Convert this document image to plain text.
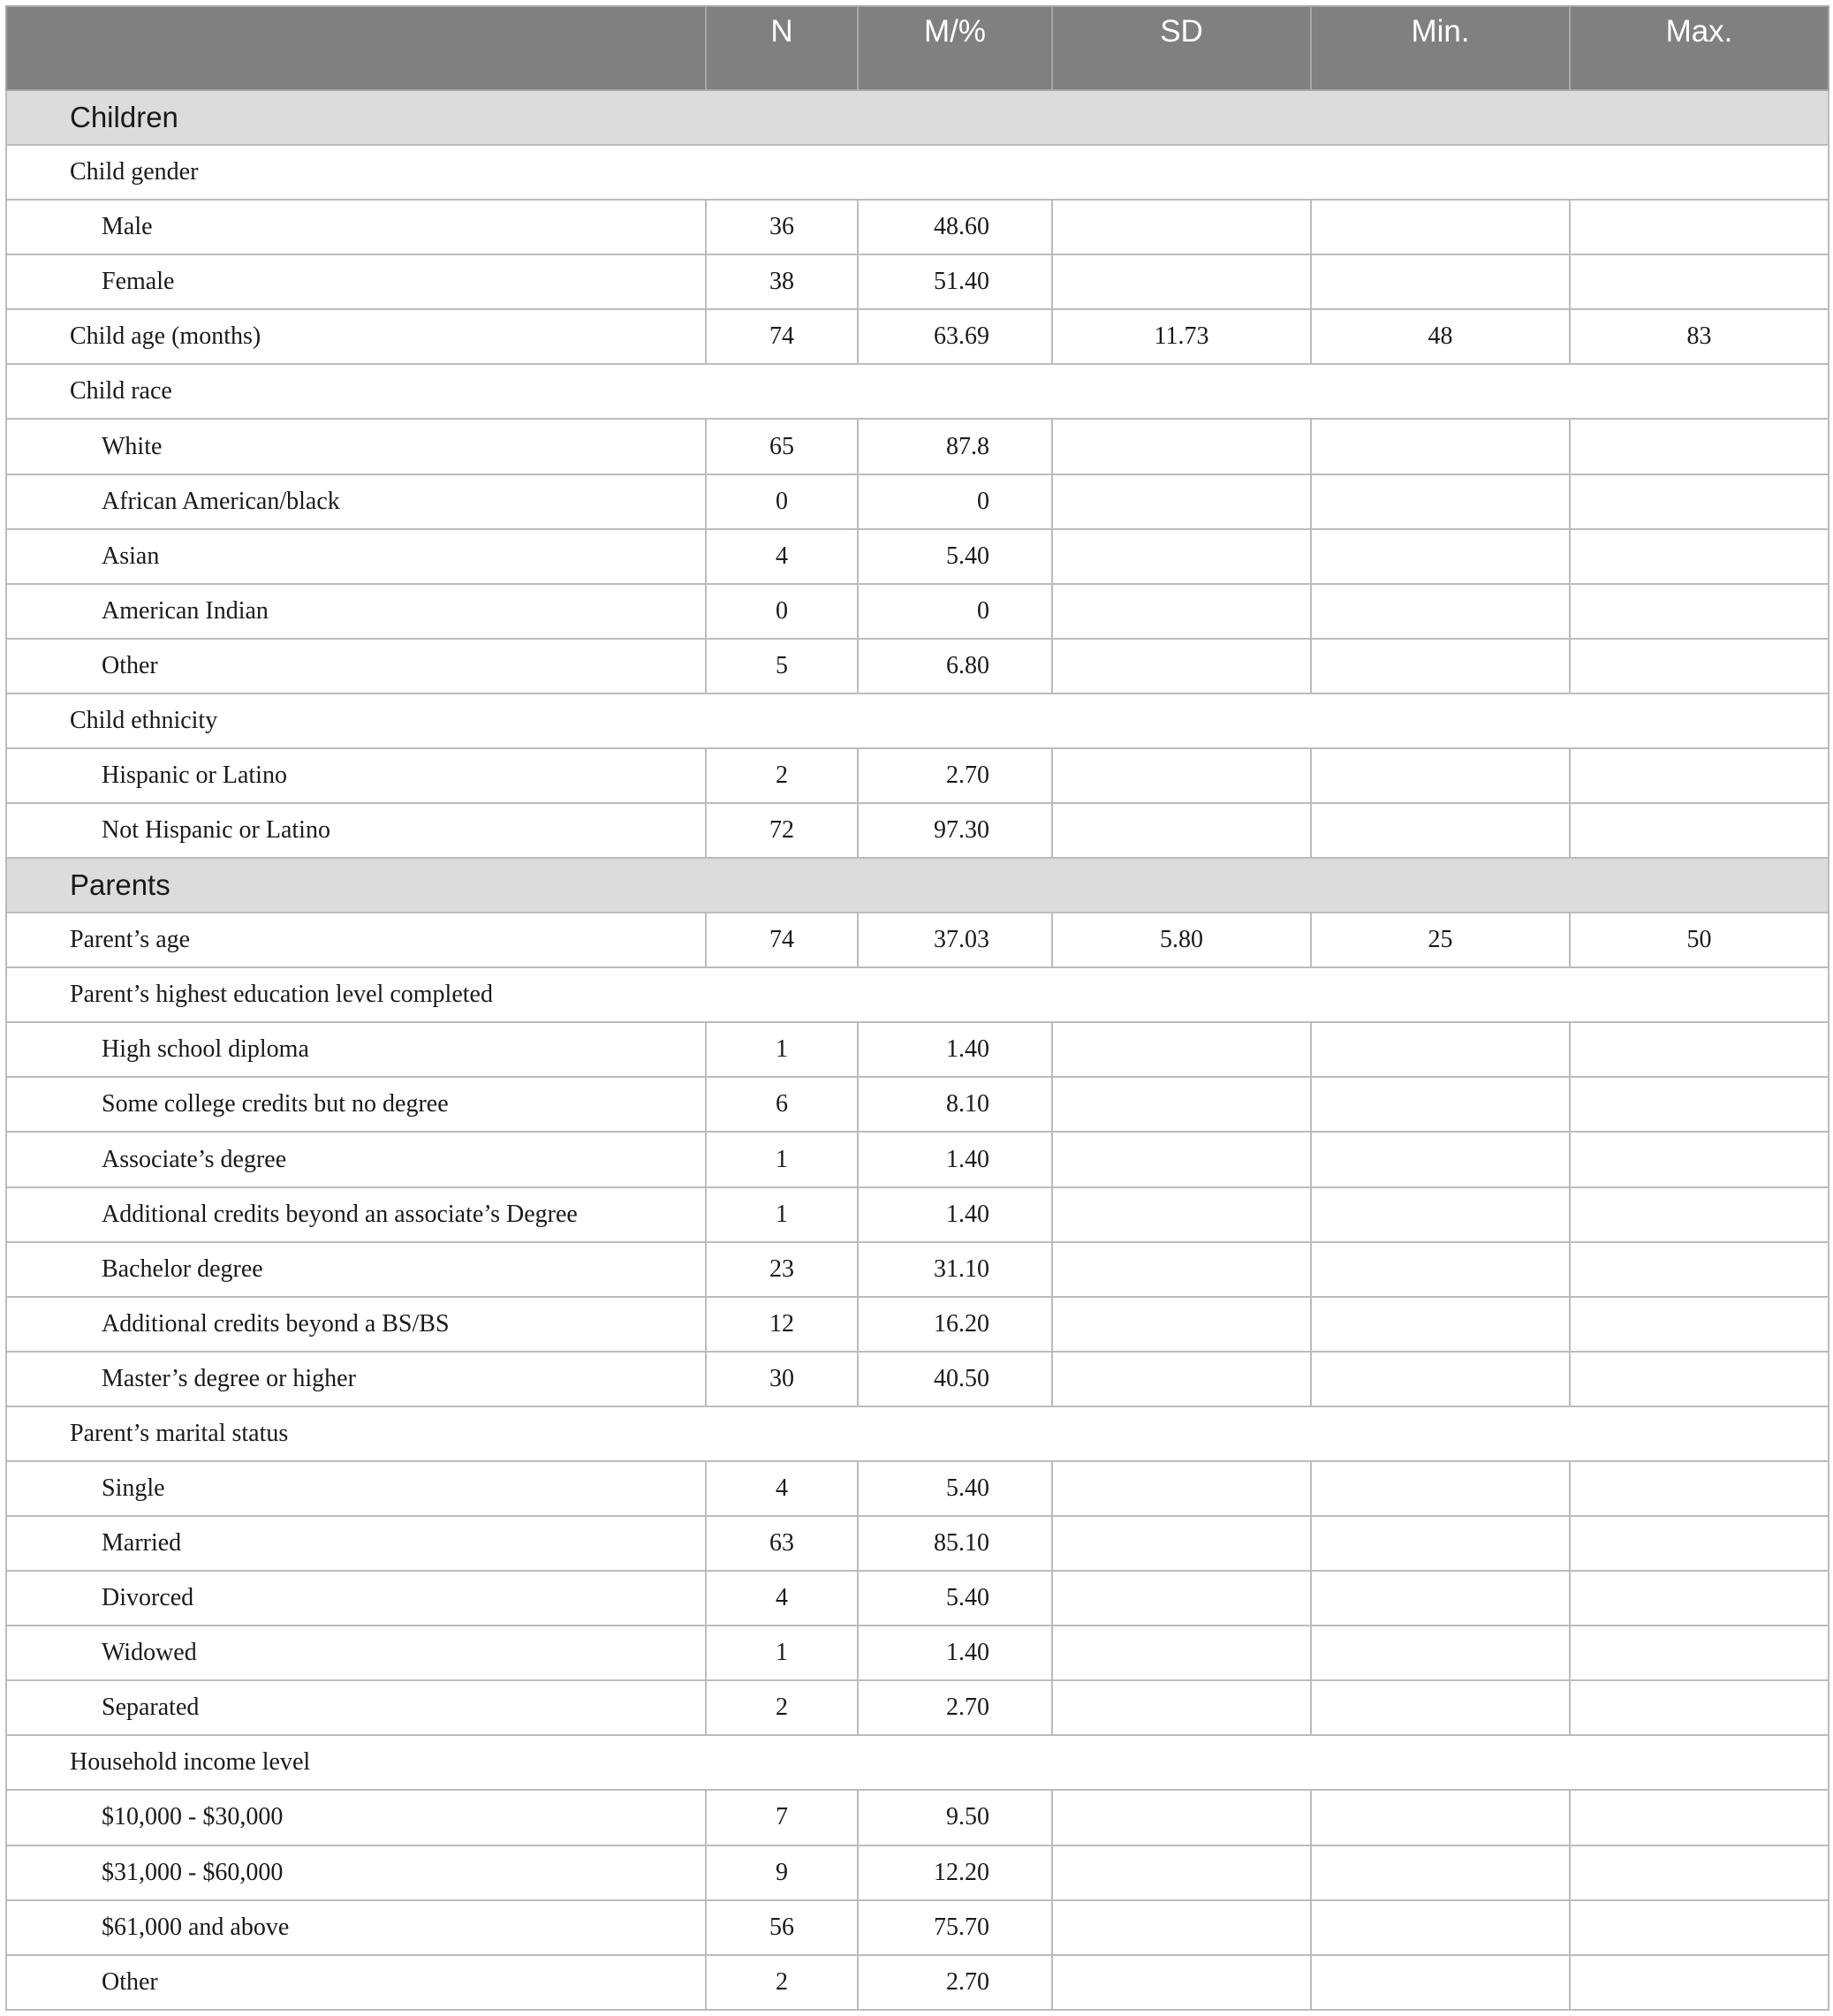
	N	M/%	SD	Min.	Max.
Children					
Child gender					
Male	36	48.60			
Female	38	51.40			
Child age (months)	74	63.69	11.73	48	83
Child race					
White	65	87.8			
African American/black	0	0			
Asian	4	5.40			
American Indian	0	0			
Other	5	6.80			
Child ethnicity					
Hispanic or Latino	2	2.70			
Not Hispanic or Latino	72	97.30			
Parents					
Parent’s age	74	37.03	5.80	25	50
Parent’s highest education level completed					
High school diploma	1	1.40			
Some college credits but no degree	6	8.10			
Associate’s degree	1	1.40			
Additional credits beyond an associate’s Degree	1	1.40			
Bachelor degree	23	31.10			
Additional credits beyond a BS/BS	12	16.20			
Master’s degree or higher	30	40.50			
Parent’s marital status					
Single	4	5.40			
Married	63	85.10			
Divorced	4	5.40			
Widowed	1	1.40			
Separated	2	2.70			
Household income level					
$10,000 - $30,000	7	9.50			
$31,000 - $60,000	9	12.20			
$61,000 and above	56	75.70			
Other	2	2.70			
